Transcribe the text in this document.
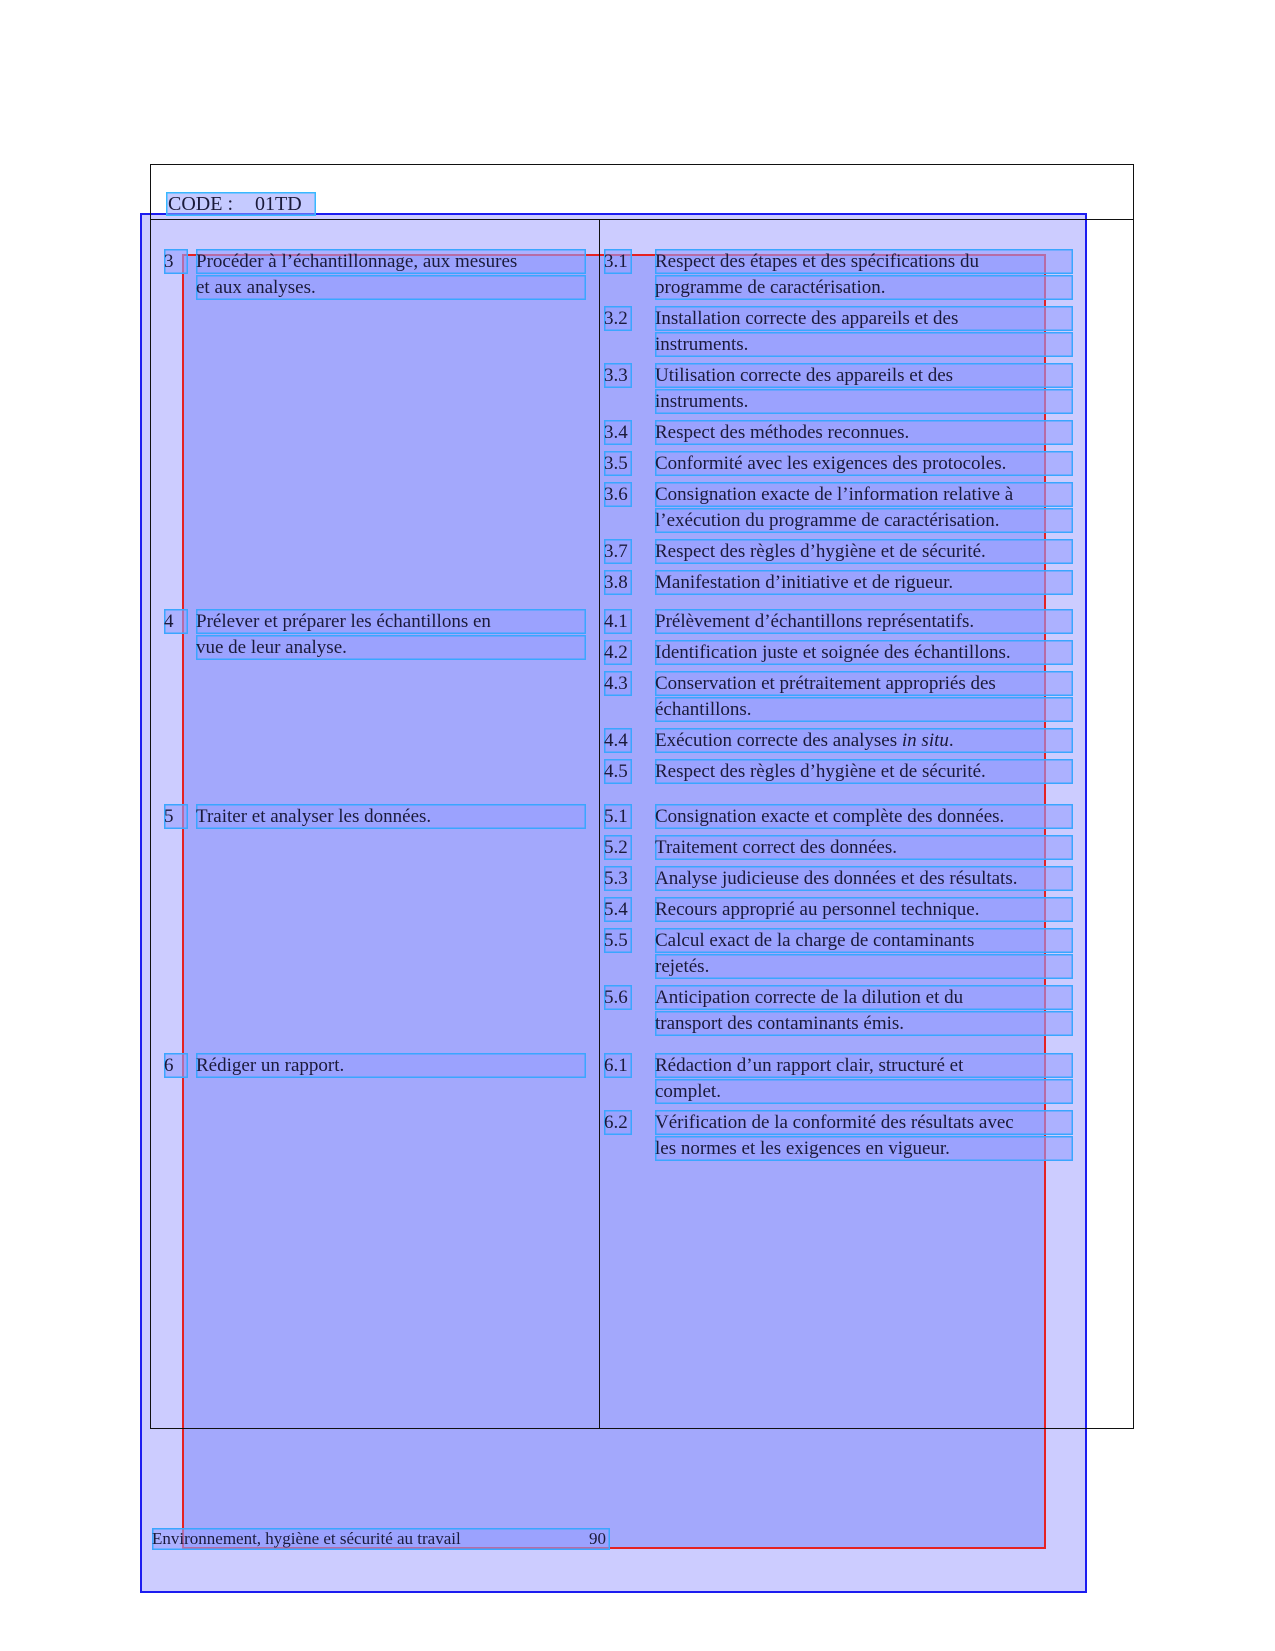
CODE : 01TD
3	Procéder à l’échantillonnage, aux mesures
et aux analyses.
3.1 Respect des étapes et des spécifications du
programme de caractérisation.
3.2 Installation correcte des appareils et des
instruments.
3.3 Utilisation correcte des appareils et des
instruments.
3.4 Respect des méthodes reconnues.
3.5 Conformité avec les exigences des protocoles.
3.6 Consignation exacte de l’information relative à
l’exécution du programme de caractérisation.
3.7 Respect des règles d’hygiène et de sécurité.
3.8 Manifestation d’initiative et de rigueur.
4	Prélever et préparer les échantillons en
vue de leur analyse.
4.1 Prélèvement d’échantillons représentatifs.
4.2 Identification juste et soignée des échantillons.
4.3 Conservation et prétraitement appropriés des
échantillons.
4.4 Exécution correcte des analyses in situ.
4.5 Respect des règles d’hygiène et de sécurité.
5	Traiter et analyser les données.	5.1 Consignation exacte et complète des données.
5.2 Traitement correct des données.
5.3 Analyse judicieuse des données et des résultats.
5.4 Recours approprié au personnel technique.
5.5 Calcul exact de la charge de contaminants
rejetés.
5.6 Anticipation correcte de la dilution et du
transport des contaminants émis.
6	Rédiger un rapport.	6.1 Rédaction d’un rapport clair, structuré et
complet.
6.2 Vérification de la conformité des résultats avec
les normes et les exigences en vigueur.
Environnement, hygiène et sécurité au travail	90
